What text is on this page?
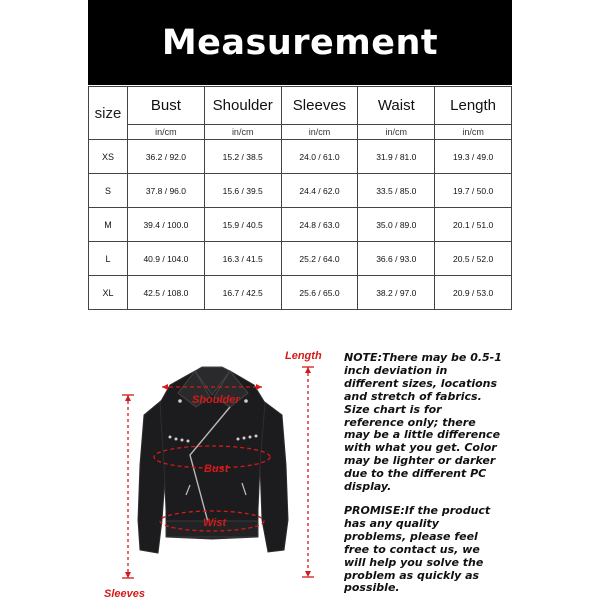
Measurement
size	Bust	Shoulder	Sleeves	Waist	Length
	in/cm	in/cm	in/cm	in/cm	in/cm
XS	36.2 / 92.0	15.2 / 38.5	24.0 / 61.0	31.9 / 81.0	19.3 / 49.0
S	37.8 / 96.0	15.6 / 39.5	24.4 / 62.0	33.5 / 85.0	19.7 / 50.0
M	39.4 / 100.0	15.9 / 40.5	24.8 / 63.0	35.0 / 89.0	20.1 / 51.0
L	40.9 / 104.0	16.3 / 41.5	25.2 / 64.0	36.6 / 93.0	20.5 / 52.0
XL	42.5 / 108.0	16.7 / 42.5	25.6 / 65.0	38.2 / 97.0	20.9 / 53.0
Length
Shoulder
Bust
Wist
Sleeves
NOTE:There may be 0.5-1 inch deviation in different sizes, locations and stretch of fabrics. Size chart is for reference only; there may be a little difference with what you get. Color may be lighter or darker due to the different PC display.
PROMISE:If the product has any quality problems, please feel free to contact us, we will help you solve the problem as quickly as possible.
